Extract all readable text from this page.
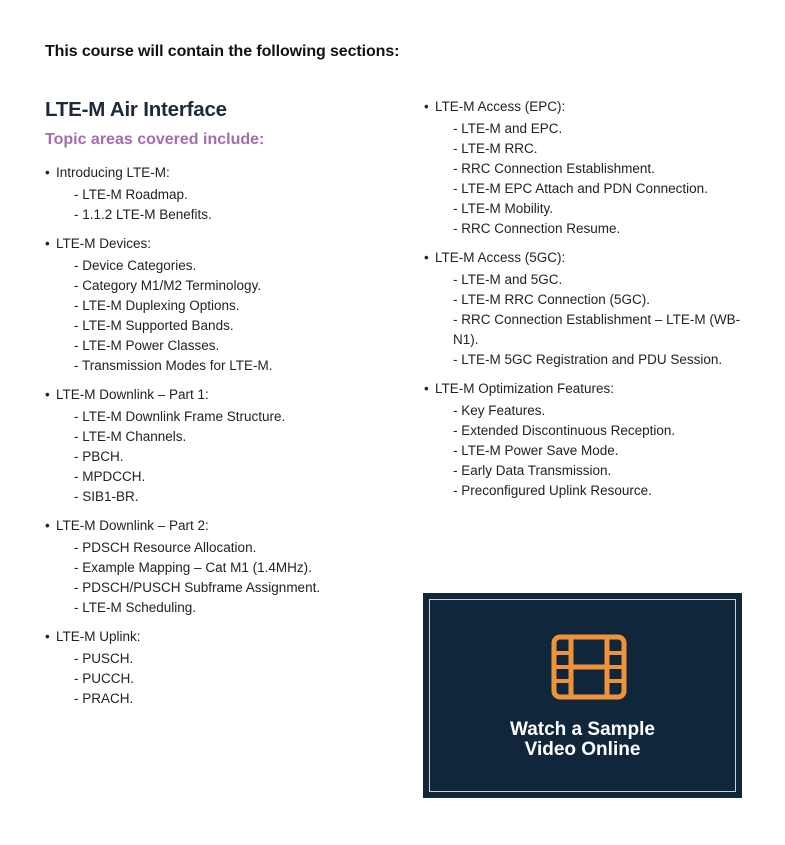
This course will contain the following sections:
LTE-M Air Interface
Topic areas covered include:
• Introducing LTE-M:
- LTE-M Roadmap.
- 1.1.2 LTE-M Benefits.
• LTE-M Devices:
- Device Categories.
- Category M1/M2 Terminology.
- LTE-M Duplexing Options.
- LTE-M Supported Bands.
- LTE-M Power Classes.
- Transmission Modes for LTE-M.
• LTE-M Downlink – Part 1:
- LTE-M Downlink Frame Structure.
- LTE-M Channels.
- PBCH.
- MPDCCH.
- SIB1-BR.
• LTE-M Downlink – Part 2:
- PDSCH Resource Allocation.
- Example Mapping – Cat M1 (1.4MHz).
- PDSCH/PUSCH Subframe Assignment.
- LTE-M Scheduling.
• LTE-M Uplink:
- PUSCH.
- PUCCH.
- PRACH.
• LTE-M Access (EPC):
- LTE-M and EPC.
- LTE-M RRC.
- RRC Connection Establishment.
- LTE-M EPC Attach and PDN Connection.
- LTE-M Mobility.
- RRC Connection Resume.
• LTE-M Access (5GC):
- LTE-M and 5GC.
- LTE-M RRC Connection (5GC).
- RRC Connection Establishment – LTE-M (WB-
N1).
- LTE-M 5GC Registration and PDU Session.
• LTE-M Optimization Features:
- Key Features.
- Extended Discontinuous Reception.
- LTE-M Power Save Mode.
- Early Data Transmission.
- Preconfigured Uplink Resource.
Watch a Sample
Video Online
